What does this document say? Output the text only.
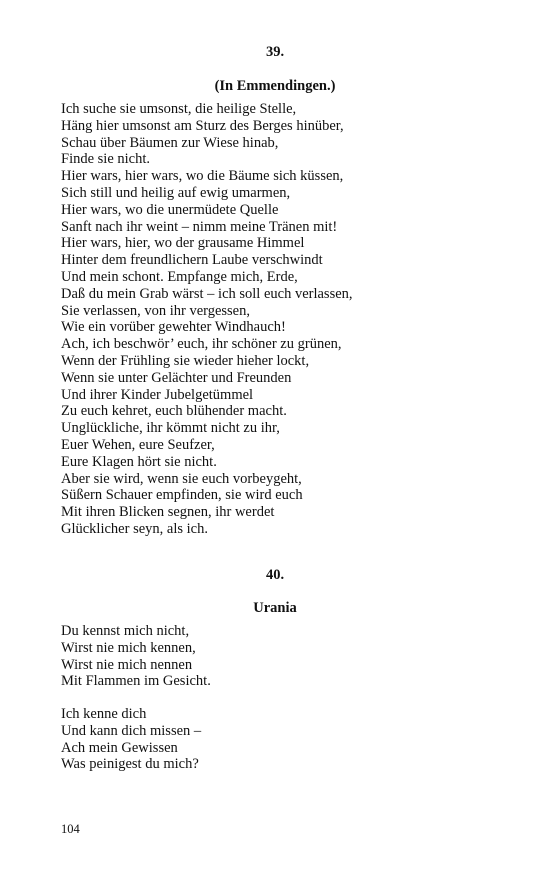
39.
(In Emmendingen.)
Ich suche sie umsonst, die heilige Stelle,
Häng hier umsonst am Sturz des Berges hinüber,
Schau über Bäumen zur Wiese hinab,
Finde sie nicht.
Hier wars, hier wars, wo die Bäume sich küssen,
Sich still und heilig auf ewig umarmen,
Hier wars, wo die unermüdete Quelle
Sanft nach ihr weint – nimm meine Tränen mit!
Hier wars, hier, wo der grausame Himmel
Hinter dem freundlichern Laube verschwindt
Und mein schont. Empfange mich, Erde,
Daß du mein Grab wärst – ich soll euch verlassen,
Sie verlassen, von ihr vergessen,
Wie ein vorüber gewehter Windhauch!
Ach, ich beschwör’ euch, ihr schöner zu grünen,
Wenn der Frühling sie wieder hieher lockt,
Wenn sie unter Gelächter und Freunden
Und ihrer Kinder Jubelgetümmel
Zu euch kehret, euch blühender macht.
Unglückliche, ihr kömmt nicht zu ihr,
Euer Wehen, eure Seufzer,
Eure Klagen hört sie nicht.
Aber sie wird, wenn sie euch vorbeygeht,
Süßern Schauer empfinden, sie wird euch
Mit ihren Blicken segnen, ihr werdet
Glücklicher seyn, als ich.
40.
Urania
Du kennst mich nicht,
Wirst nie mich kennen,
Wirst nie mich nennen
Mit Flammen im Gesicht.
Ich kenne dich
Und kann dich missen –
Ach mein Gewissen
Was peinigest du mich?
104
